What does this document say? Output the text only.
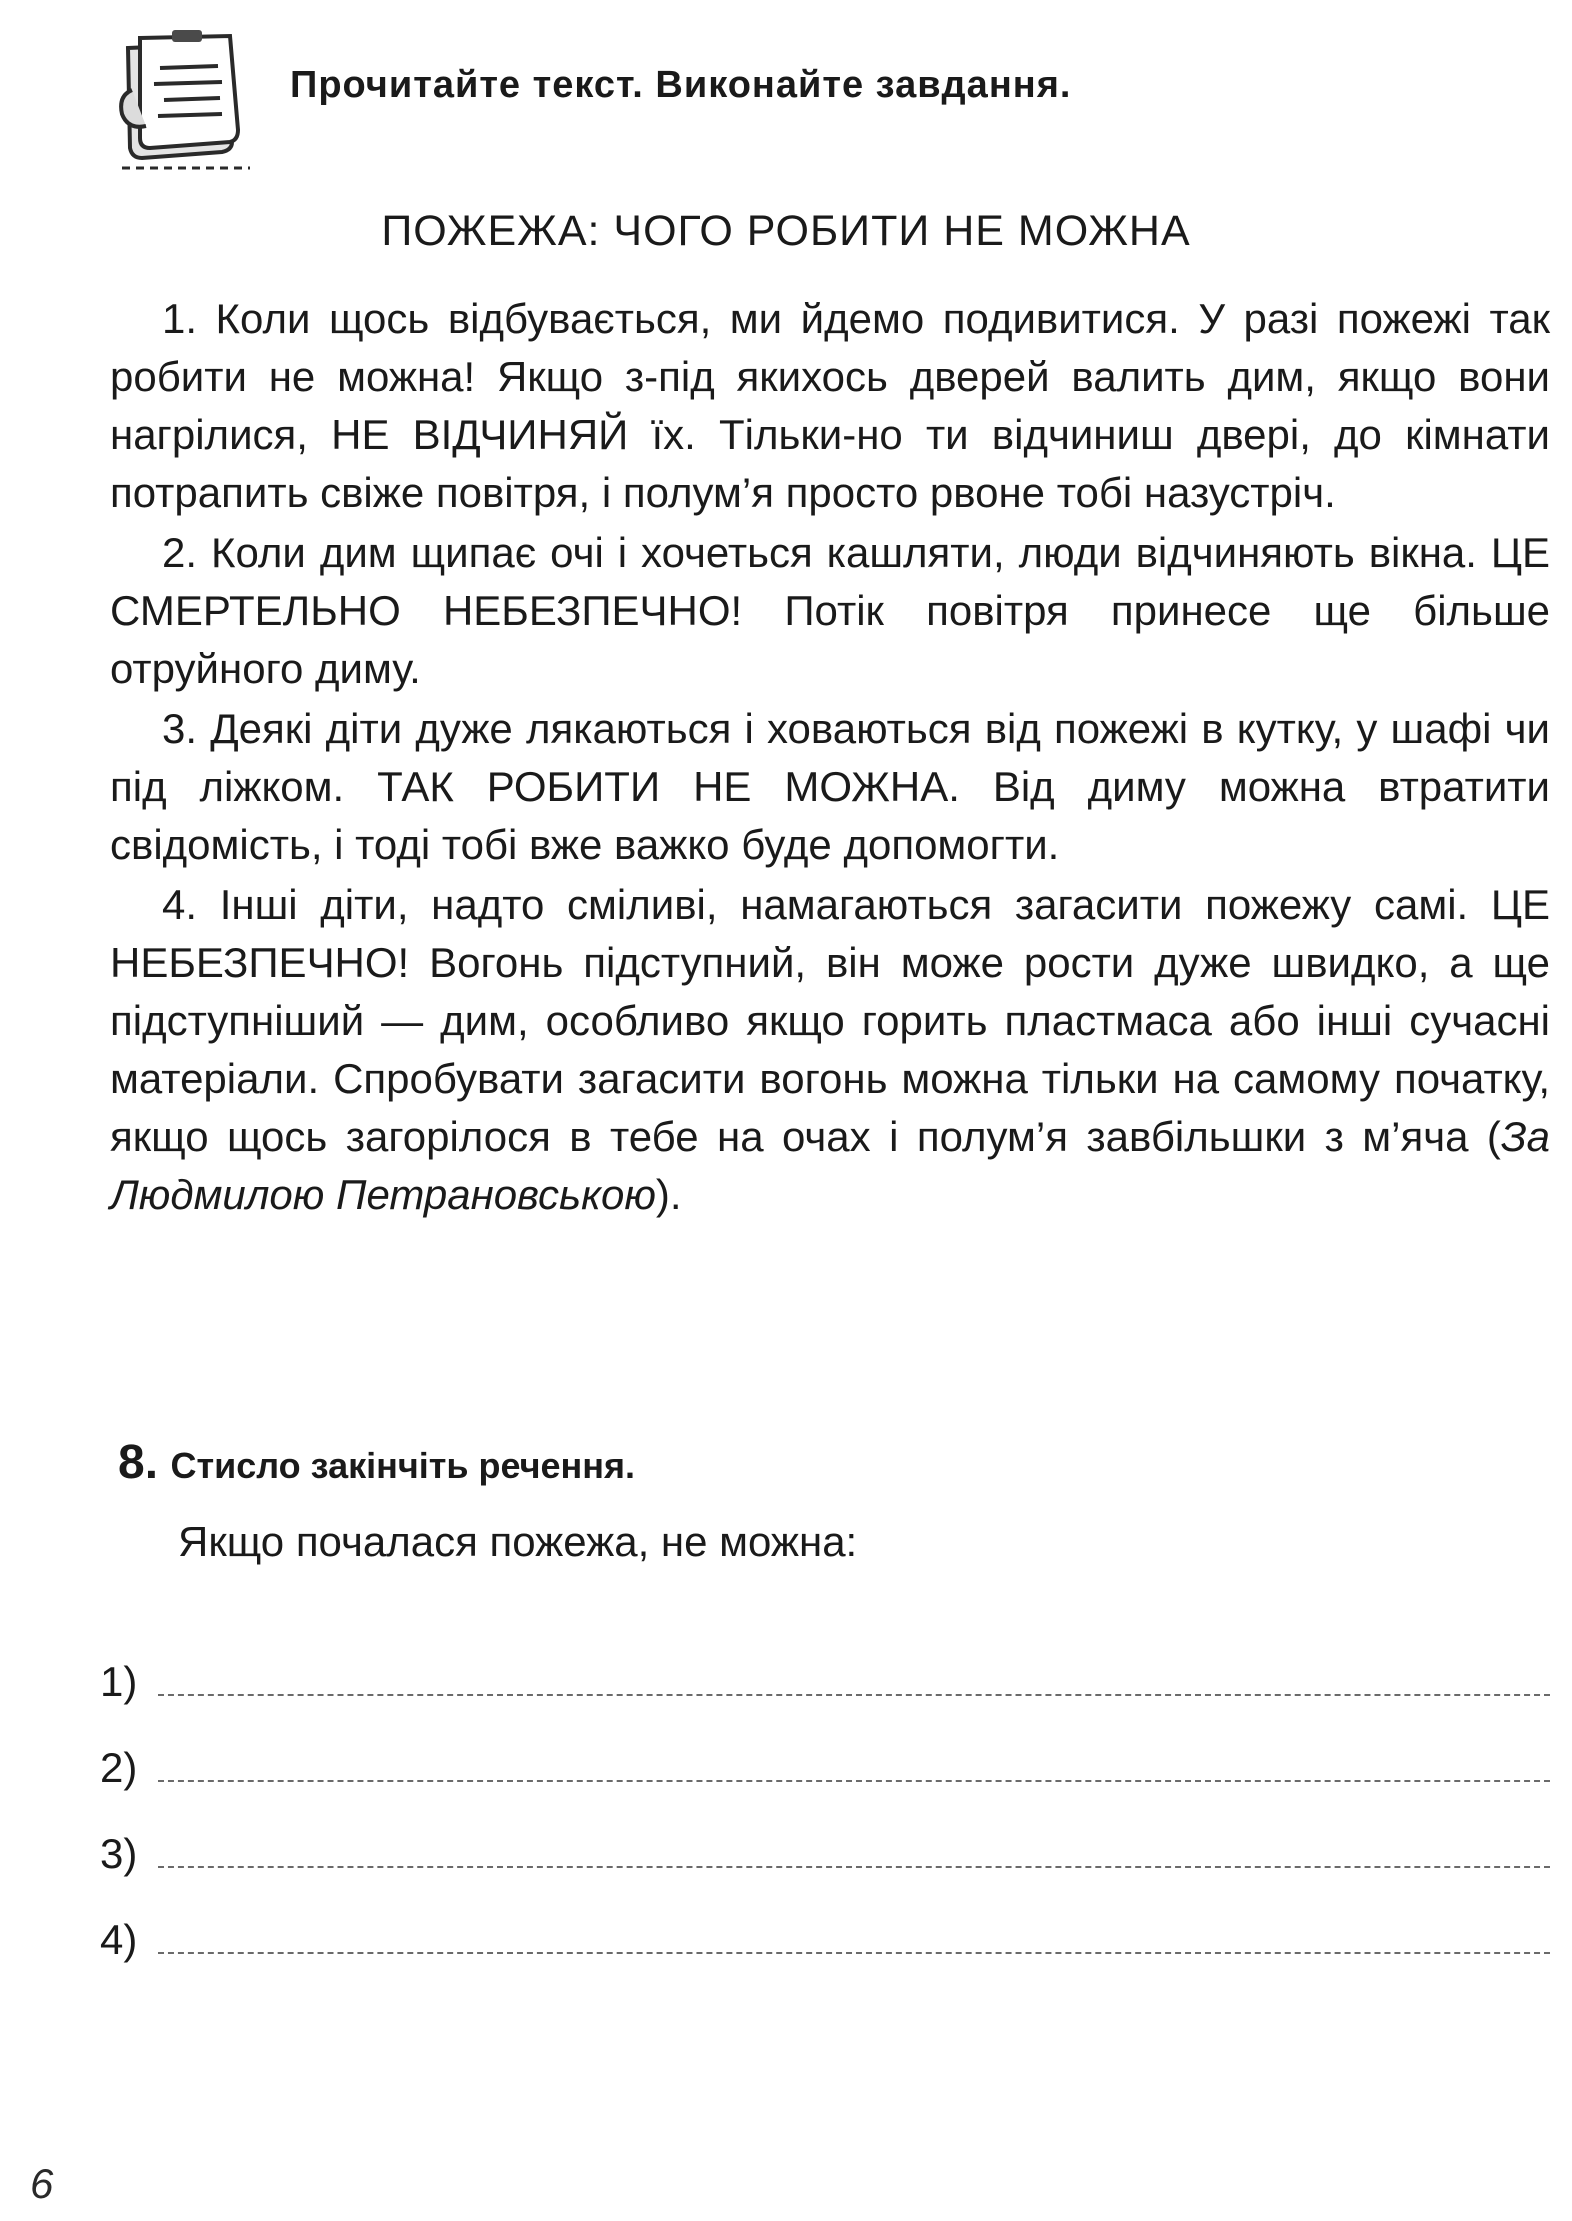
Прочитайте текст. Виконайте завдання.
ПОЖЕЖА: ЧОГО РОБИТИ НЕ МОЖНА

1. Коли щось відбувається, ми йдемо подивитися. У разі пожежі так робити не можна! Якщо з-під якихось дверей валить дим, якщо вони нагрілися, НЕ ВІДЧИНЯЙ їх. Тільки-но ти відчиниш двері, до кімнати потрапить свіже повітря, і полум’я просто рвоне тобі назустріч.

2. Коли дим щипає очі і хочеться кашляти, люди відчиняють вікна. ЦЕ СМЕРТЕЛЬНО НЕБЕЗПЕЧНО! Потік повітря принесе ще більше отруйного диму.

3. Деякі діти дуже лякаються і ховаються від пожежі в кутку, у шафі чи під ліжком. ТАК РОБИТИ НЕ МОЖНА. Від диму можна втратити свідомість, і тоді тобі вже важко буде допомогти.

4. Інші діти, надто сміливі, намагаються загасити пожежу самі. ЦЕ НЕБЕЗПЕЧНО! Вогонь підступний, він може рости дуже швидко, а ще підступніший — дим, особливо якщо горить пластмаса або інші сучасні матеріали. Спробувати загасити вогонь можна тільки на самому початку, якщо щось загорілося в тебе на очах і полум’я завбільшки з м’яча (За Людмилою Петрановською).

8. Стисло закінчіть речення.
Якщо почалася пожежа, не можна:
1)
2)
3)
4)
6
